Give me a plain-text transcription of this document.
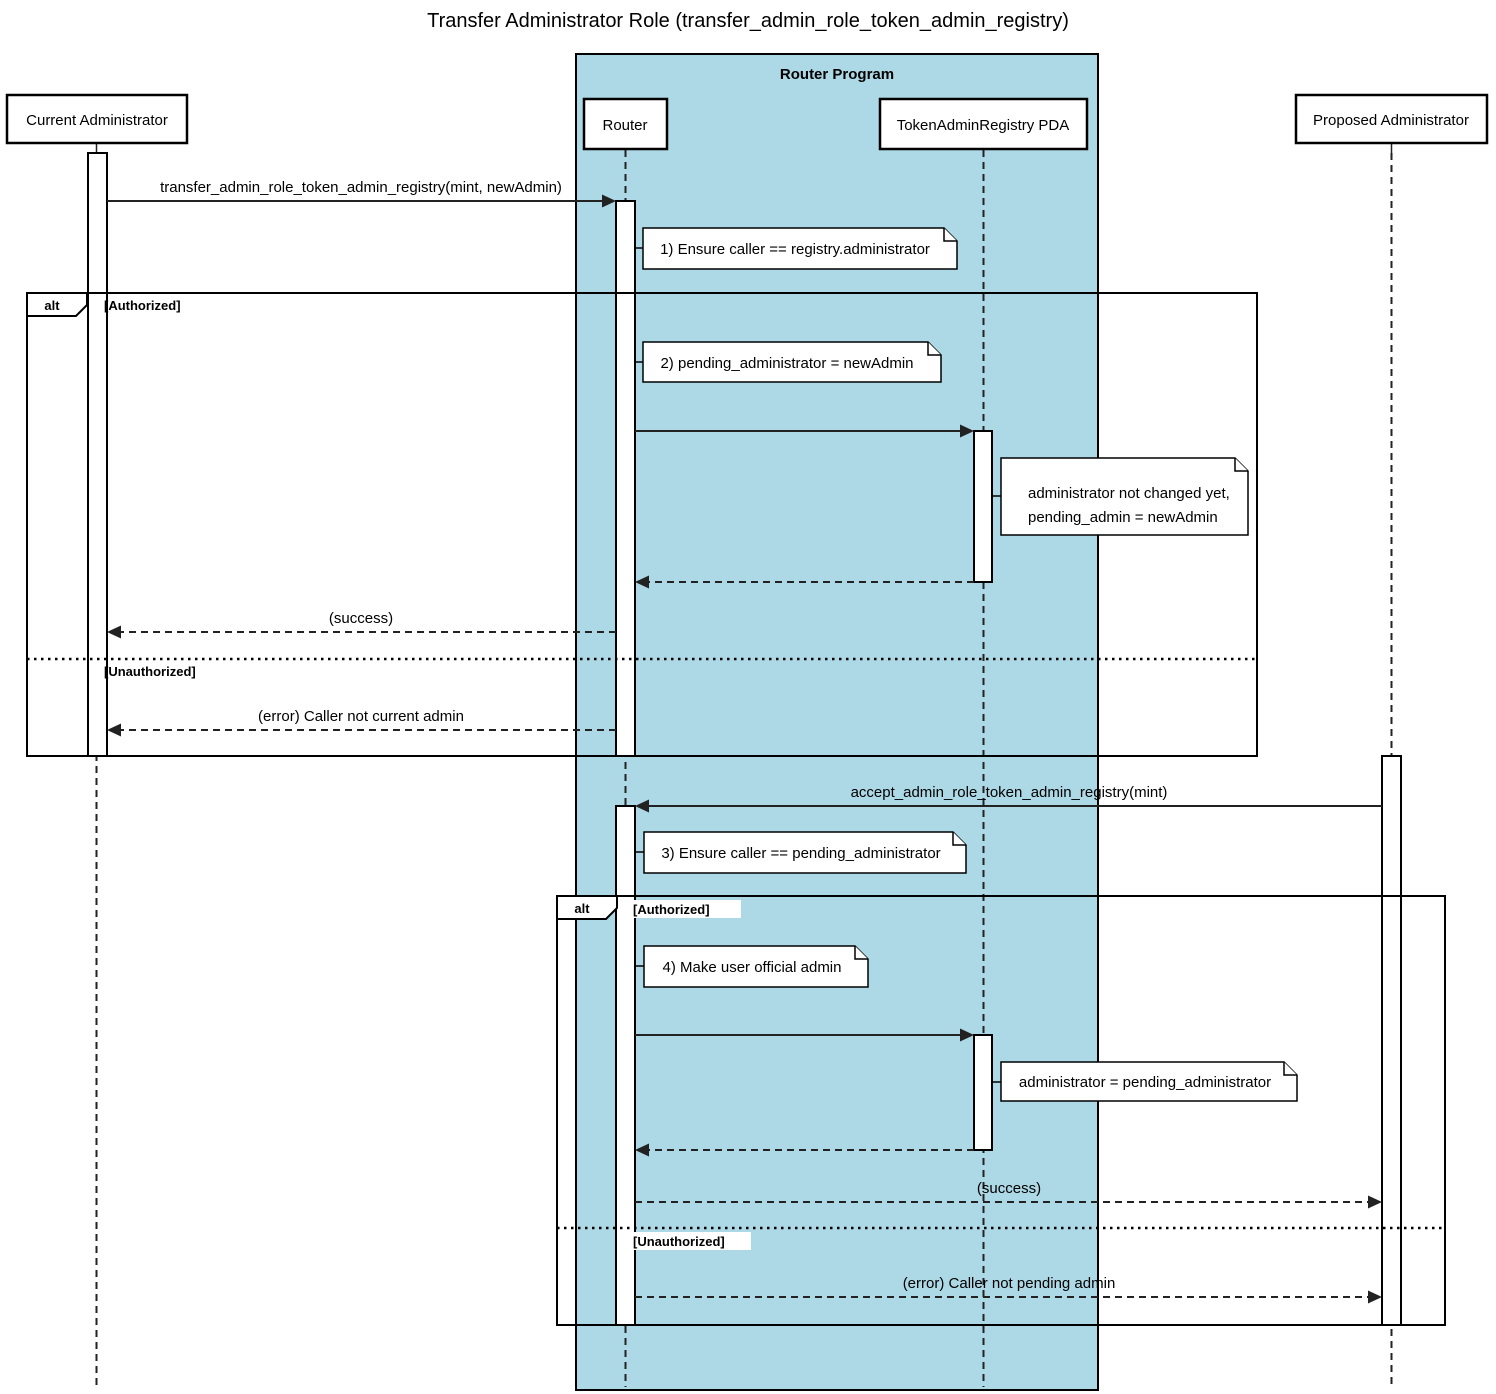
Transfer Administrator Role (transfer_admin_role_token_admin_registry)
Router Program
alt	[Authorized]
[Unauthorized]
alt	[Authorized]
[Unauthorized]
transfer_admin_role_token_admin_registry(mint, newAdmin)
(success)
(error) Caller not current admin
accept_admin_role_token_admin_registry(mint)
(success)
(error) Caller not pending admin
1) Ensure caller == registry.administrator
2) pending_administrator = newAdmin
administrator not changed yet,
pending_admin = newAdmin
3) Ensure caller == pending_administrator
4) Make user official admin
administrator = pending_administrator
Current Administrator	Router	TokenAdminRegistry PDA	Proposed Administrator
